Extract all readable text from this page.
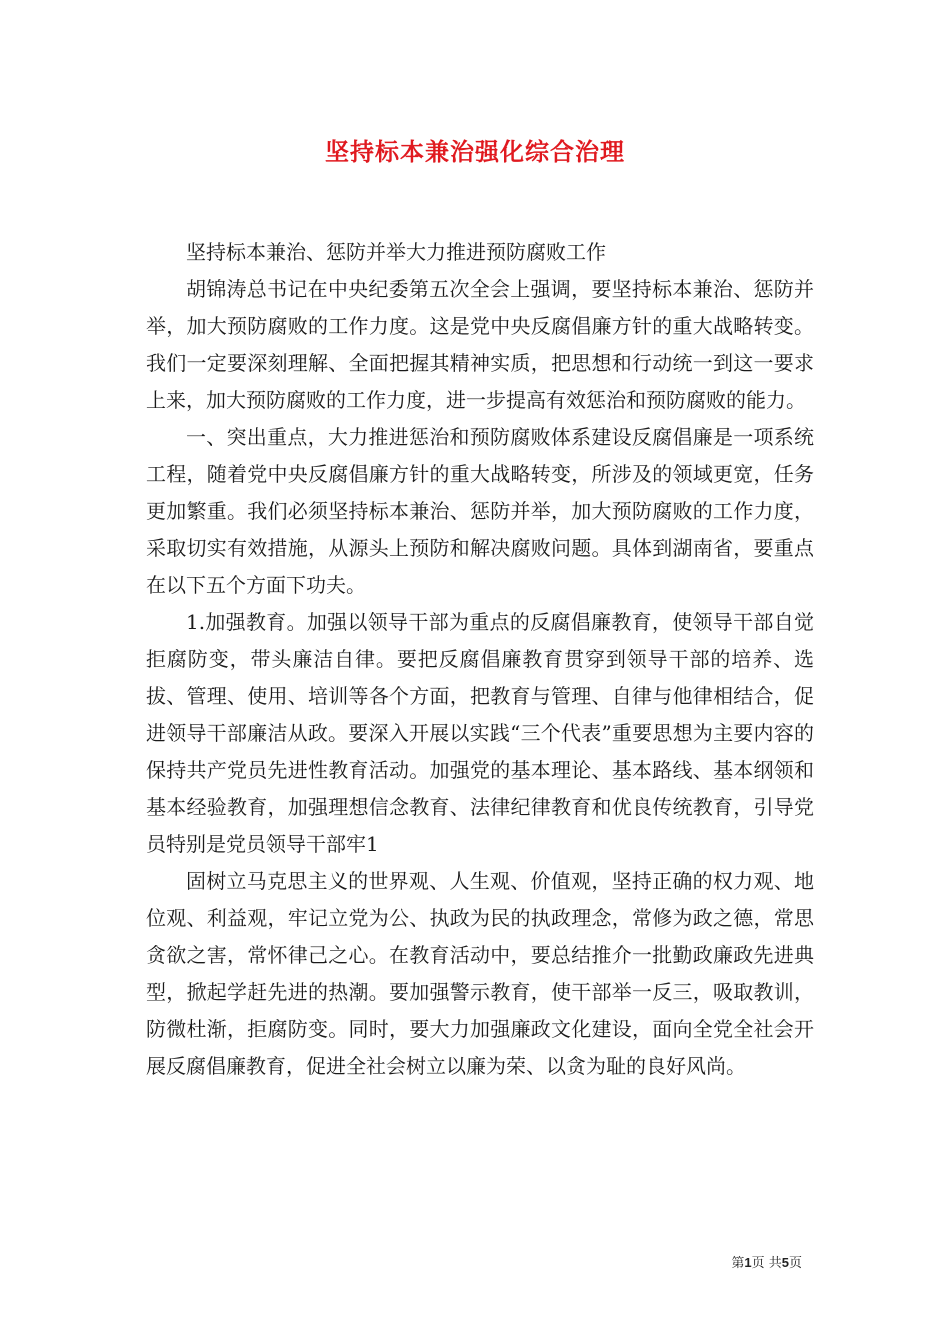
坚持标本兼治强化综合治理

坚持标本兼治、惩防并举大力推进预防腐败工作

胡锦涛总书记在中央纪委第五次全会上强调，要坚持标本兼治、惩防并举，加大预防腐败的工作力度。这是党中央反腐倡廉方针的重大战略转变。我们一定要深刻理解、全面把握其精神实质，把思想和行动统一到这一要求上来，加大预防腐败的工作力度，进一步提高有效惩治和预防腐败的能力。

一、突出重点，大力推进惩治和预防腐败体系建设反腐倡廉是一项系统工程，随着党中央反腐倡廉方针的重大战略转变，所涉及的领域更宽，任务更加繁重。我们必须坚持标本兼治、惩防并举，加大预防腐败的工作力度，采取切实有效措施，从源头上预防和解决腐败问题。具体到湖南省，要重点在以下五个方面下功夫。

1.加强教育。加强以领导干部为重点的反腐倡廉教育，使领导干部自觉拒腐防变，带头廉洁自律。要把反腐倡廉教育贯穿到领导干部的培养、选拔、管理、使用、培训等各个方面，把教育与管理、自律与他律相结合，促进领导干部廉洁从政。要深入开展以实践“三个代表”重要思想为主要内容的保持共产党员先进性教育活动。加强党的基本理论、基本路线、基本纲领和基本经验教育，加强理想信念教育、法律纪律教育和优良传统教育，引导党员特别是党员领导干部牢1

固树立马克思主义的世界观、人生观、价值观，坚持正确的权力观、地位观、利益观，牢记立党为公、执政为民的执政理念，常修为政之德，常思贪欲之害，常怀律己之心。在教育活动中，要总结推介一批勤政廉政先进典型，掀起学赶先进的热潮。要加强警示教育，使干部举一反三，吸取教训，防微杜渐，拒腐防变。同时，要大力加强廉政文化建设，面向全党全社会开展反腐倡廉教育，促进全社会树立以廉为荣、以贪为耻的良好风尚。

第1页 共5页
